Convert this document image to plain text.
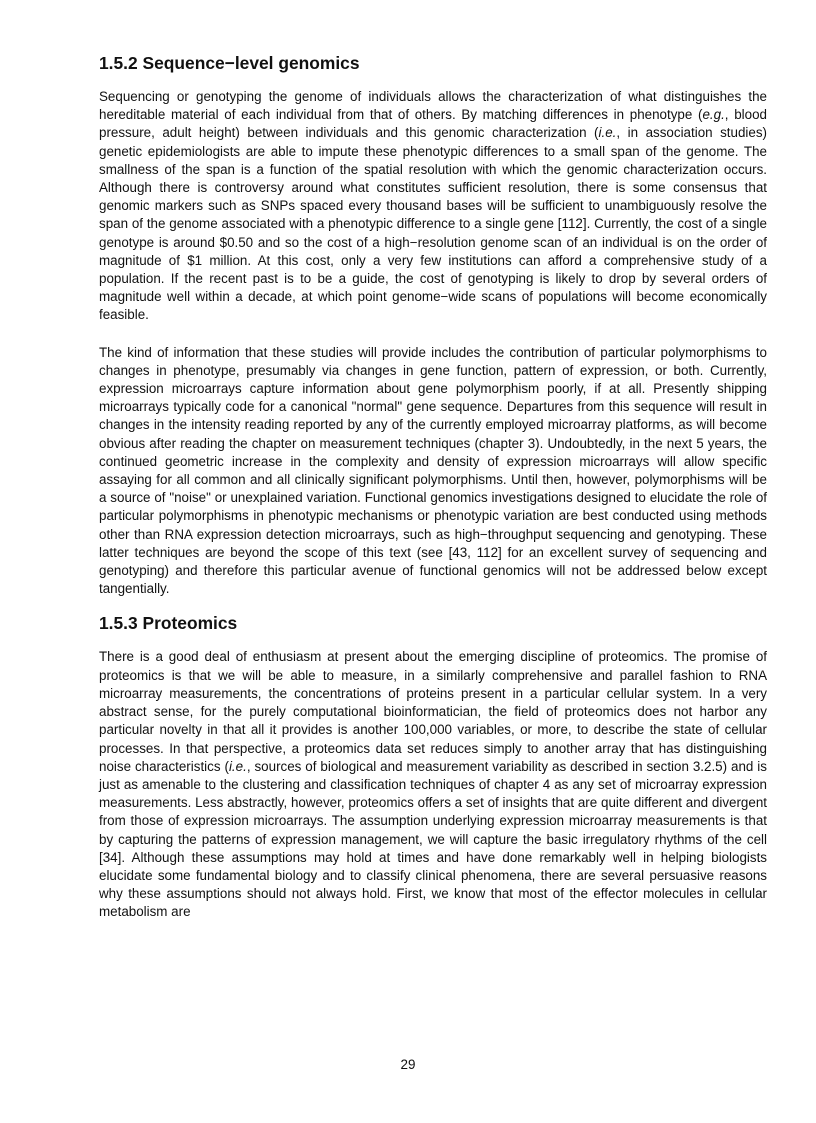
1.5.2 Sequence−level genomics

Sequencing or genotyping the genome of individuals allows the characterization of what distinguishes the hereditable material of each individual from that of others. By matching differences in phenotype (e.g., blood pressure, adult height) between individuals and this genomic characterization (i.e., in association studies) genetic epidemiologists are able to impute these phenotypic differences to a small span of the genome. The smallness of the span is a function of the spatial resolution with which the genomic characterization occurs. Although there is controversy around what constitutes sufficient resolution, there is some consensus that genomic markers such as SNPs spaced every thousand bases will be sufficient to unambiguously resolve the span of the genome associated with a phenotypic difference to a single gene [112]. Currently, the cost of a single genotype is around $0.50 and so the cost of a high−resolution genome scan of an individual is on the order of magnitude of $1 million. At this cost, only a very few institutions can afford a comprehensive study of a population. If the recent past is to be a guide, the cost of genotyping is likely to drop by several orders of magnitude well within a decade, at which point genome−wide scans of populations will become economically feasible.

The kind of information that these studies will provide includes the contribution of particular polymorphisms to changes in phenotype, presumably via changes in gene function, pattern of expression, or both. Currently, expression microarrays capture information about gene polymorphism poorly, if at all. Presently shipping microarrays typically code for a canonical "normal" gene sequence. Departures from this sequence will result in changes in the intensity reading reported by any of the currently employed microarray platforms, as will become obvious after reading the chapter on measurement techniques (chapter 3). Undoubtedly, in the next 5 years, the continued geometric increase in the complexity and density of expression microarrays will allow specific assaying for all common and all clinically significant polymorphisms. Until then, however, polymorphisms will be a source of "noise" or unexplained variation. Functional genomics investigations designed to elucidate the role of particular polymorphisms in phenotypic mechanisms or phenotypic variation are best conducted using methods other than RNA expression detection microarrays, such as high−throughput sequencing and genotyping. These latter techniques are beyond the scope of this text (see [43, 112] for an excellent survey of sequencing and genotyping) and therefore this particular avenue of functional genomics will not be addressed below except tangentially.

1.5.3 Proteomics

There is a good deal of enthusiasm at present about the emerging discipline of proteomics. The promise of proteomics is that we will be able to measure, in a similarly comprehensive and parallel fashion to RNA microarray measurements, the concentrations of proteins present in a particular cellular system. In a very abstract sense, for the purely computational bioinformatician, the field of proteomics does not harbor any particular novelty in that all it provides is another 100,000 variables, or more, to describe the state of cellular processes. In that perspective, a proteomics data set reduces simply to another array that has distinguishing noise characteristics (i.e., sources of biological and measurement variability as described in section 3.2.5) and is just as amenable to the clustering and classification techniques of chapter 4 as any set of microarray expression measurements. Less abstractly, however, proteomics offers a set of insights that are quite different and divergent from those of expression microarrays. The assumption underlying expression microarray measurements is that by capturing the patterns of expression management, we will capture the basic irregulatory rhythms of the cell [34]. Although these assumptions may hold at times and have done remarkably well in helping biologists elucidate some fundamental biology and to classify clinical phenomena, there are several persuasive reasons why these assumptions should not always hold. First, we know that most of the effector molecules in cellular metabolism are

29
